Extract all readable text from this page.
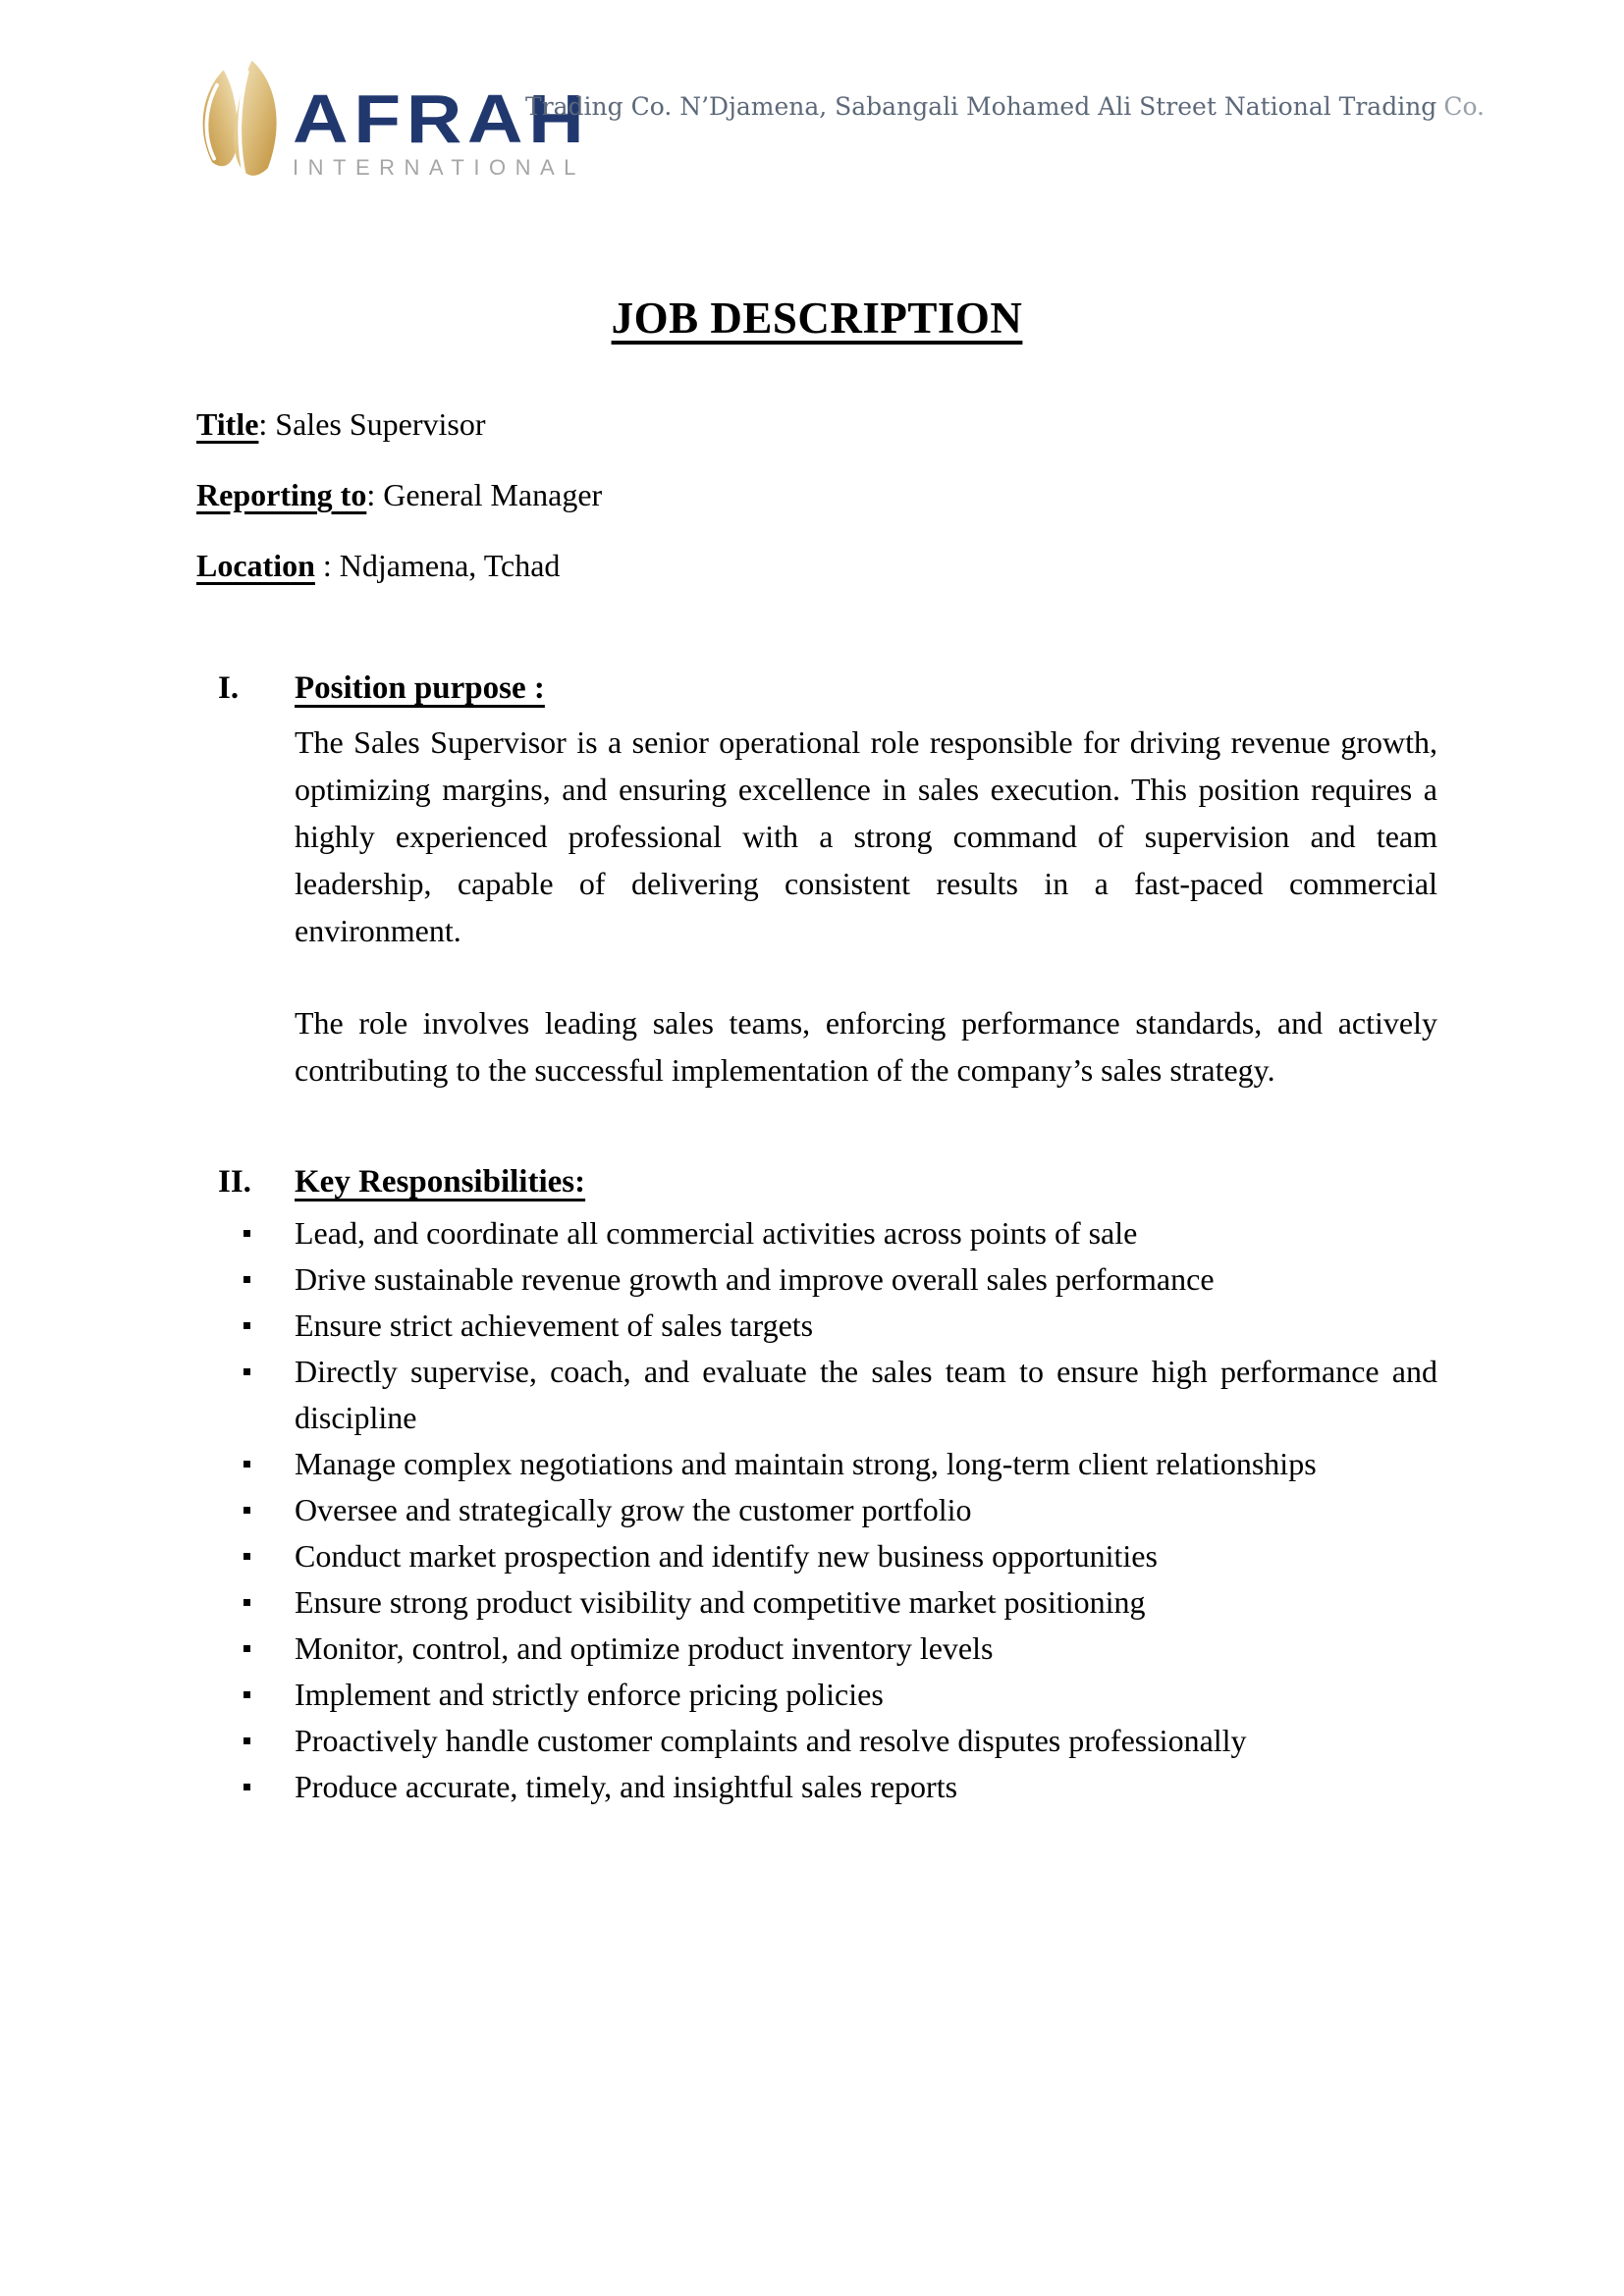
AFRAH
INTERNATIONAL
Trading Co. N’Djamena, Sabangali Mohamed Ali Street National Trading Co.
JOB DESCRIPTION
Title: Sales Supervisor
Reporting to: General Manager
Location : Ndjamena, Tchad
I.	Position purpose :

The Sales Supervisor is a senior operational role responsible for driving revenue growth, optimizing margins, and ensuring excellence in sales execution. This position requires a highly experienced professional with a strong command of supervision and team leadership, capable of delivering consistent results in a fast-paced commercial environment.

The role involves leading sales teams, enforcing performance standards, and actively contributing to the successful implementation of the company’s sales strategy.

II.	Key Responsibilities:
Lead, and coordinate all commercial activities across points of sale
Drive sustainable revenue growth and improve overall sales performance
Ensure strict achievement of sales targets
Directly supervise, coach, and evaluate the sales team to ensure high performance and discipline
Manage complex negotiations and maintain strong, long-term client relationships
Oversee and strategically grow the customer portfolio
Conduct market prospection and identify new business opportunities
Ensure strong product visibility and competitive market positioning
Monitor, control, and optimize product inventory levels
Implement and strictly enforce pricing policies
Proactively handle customer complaints and resolve disputes professionally
Produce accurate, timely, and insightful sales reports
